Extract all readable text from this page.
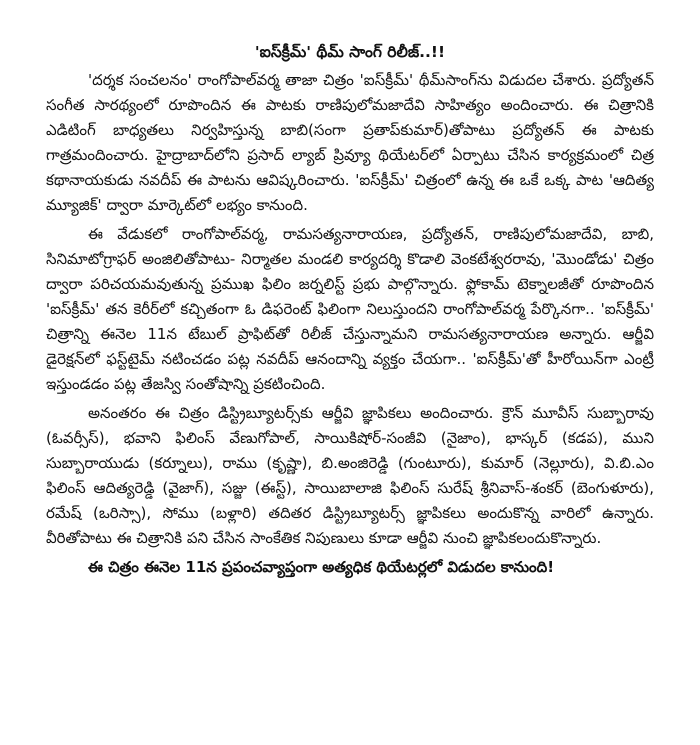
'ఐస్‌క్రీమ్' థీమ్ సాంగ్ రిలీజ్..!!

'దర్శక సంచలనం' రాంగోపాల్‌వర్మ తాజా చిత్రం 'ఐస్‌క్రీమ్' థీమ్‌సాంగ్‌ను విడుదల చేశారు. ప్రద్యోతన్ సంగీత సారథ్యంలో రూపొందిన ఈ పాటకు రాణిపులోమజాదేవి సాహిత్యం అందించారు. ఈ చిత్రానికి ఎడిటింగ్ బాధ్యతలు నిర్వహిస్తున్న బాబి(సంగా ప్రతాప్‌కుమార్)తోపాటు ప్రద్యోతన్ ఈ పాటకు గాత్రమందించారు. హైద్రాబాద్‌లోని ప్రసాద్ ల్యాబ్ ప్రివ్యూ థియేటర్‌లో ఏర్పాటు చేసిన కార్యక్రమంలో చిత్ర కథానాయకుడు నవదీప్ ఈ పాటను ఆవిష్కరించారు. 'ఐస్‌క్రీమ్' చిత్రంలో ఉన్న ఈ ఒకే ఒక్క పాట 'ఆదిత్య మ్యూజిక్' ద్వారా మార్కెట్‌లో లభ్యం కానుంది.

ఈ వేడుకలో రాంగోపాల్‌వర్మ, రామసత్యనారాయణ, ప్రద్యోతన్, రాణిపులోమజాదేవి, బాబి, సినిమాటోగ్రాఫర్ అంజిలితోపాటు- నిర్మాతల మండలి కార్యదర్శి కొడాలి వెంకటేశ్వరరావు, 'మొండోడు' చిత్రం ద్వారా పరిచయమవుతున్న ప్రముఖ ఫిలిం జర్నలిస్ట్ ప్రభు పాల్గొన్నారు. ఫ్లోకామ్ టెక్నాలజీతో రూపొందిన 'ఐస్‌క్రీమ్' తన కెరీర్‌లో కచ్చితంగా ఓ డిఫరెంట్ ఫిలింగా నిలుస్తుందని రాంగోపాల్‌వర్మ పేర్కొనగా.. 'ఐస్‌క్రీమ్' చిత్రాన్ని ఈనెల 11న టేబుల్ ప్రాఫిట్‌తో రిలీజ్ చేస్తున్నామని రామసత్యనారాయణ అన్నారు. ఆర్జీవి డైరెక్షన్‌లో ఫస్ట్‌టైమ్ నటించడం పట్ల నవదీప్ ఆనందాన్ని వ్యక్తం చేయగా.. 'ఐస్‌క్రీమ్'తో హీరోయిన్‌గా ఎంట్రీ ఇస్తుండడం పట్ల తేజస్వి సంతోషాన్ని ప్రకటించింది.

అనంతరం ఈ చిత్రం డిస్ట్రిబ్యూటర్స్‌కు ఆర్జీవి జ్ఞాపికలు అందించారు. క్రౌన్ మూవీస్ సుబ్బారావు (ఓవర్సీస్), భవాని ఫిలింస్ వేణుగోపాల్, సాయికిషోర్-సంజీవి (నైజాం), భాస్కర్ (కడప), ముని సుబ్బారాయుడు (కర్నూలు), రాము (కృష్ణా), బి.అంజిరెడ్డి (గుంటూరు), కుమార్ (నెల్లూరు), వి.బి.ఎం ఫిలింస్ ఆదిత్యరెడ్డి (వైజాగ్), సజ్జు (ఈస్ట్), సాయిబాలాజి ఫిలింస్ సురేష్ శ్రీనివాస్-శంకర్ (బెంగుళూరు), రమేష్ (ఒరిస్సా), సోము (బళ్లారి) తదితర డిస్ట్రిబ్యూటర్స్ జ్ఞాపికలు అందుకొన్న వారిలో ఉన్నారు. వీరితోపాటు ఈ చిత్రానికి పని చేసిన సాంకేతిక నిపుణులు కూడా ఆర్జీవి నుంచి జ్ఞాపికలందుకొన్నారు.

ఈ చిత్రం ఈనెల 11న ప్రపంచవ్యాప్తంగా అత్యధిక థియేటర్లలో విడుదల కానుంది!
